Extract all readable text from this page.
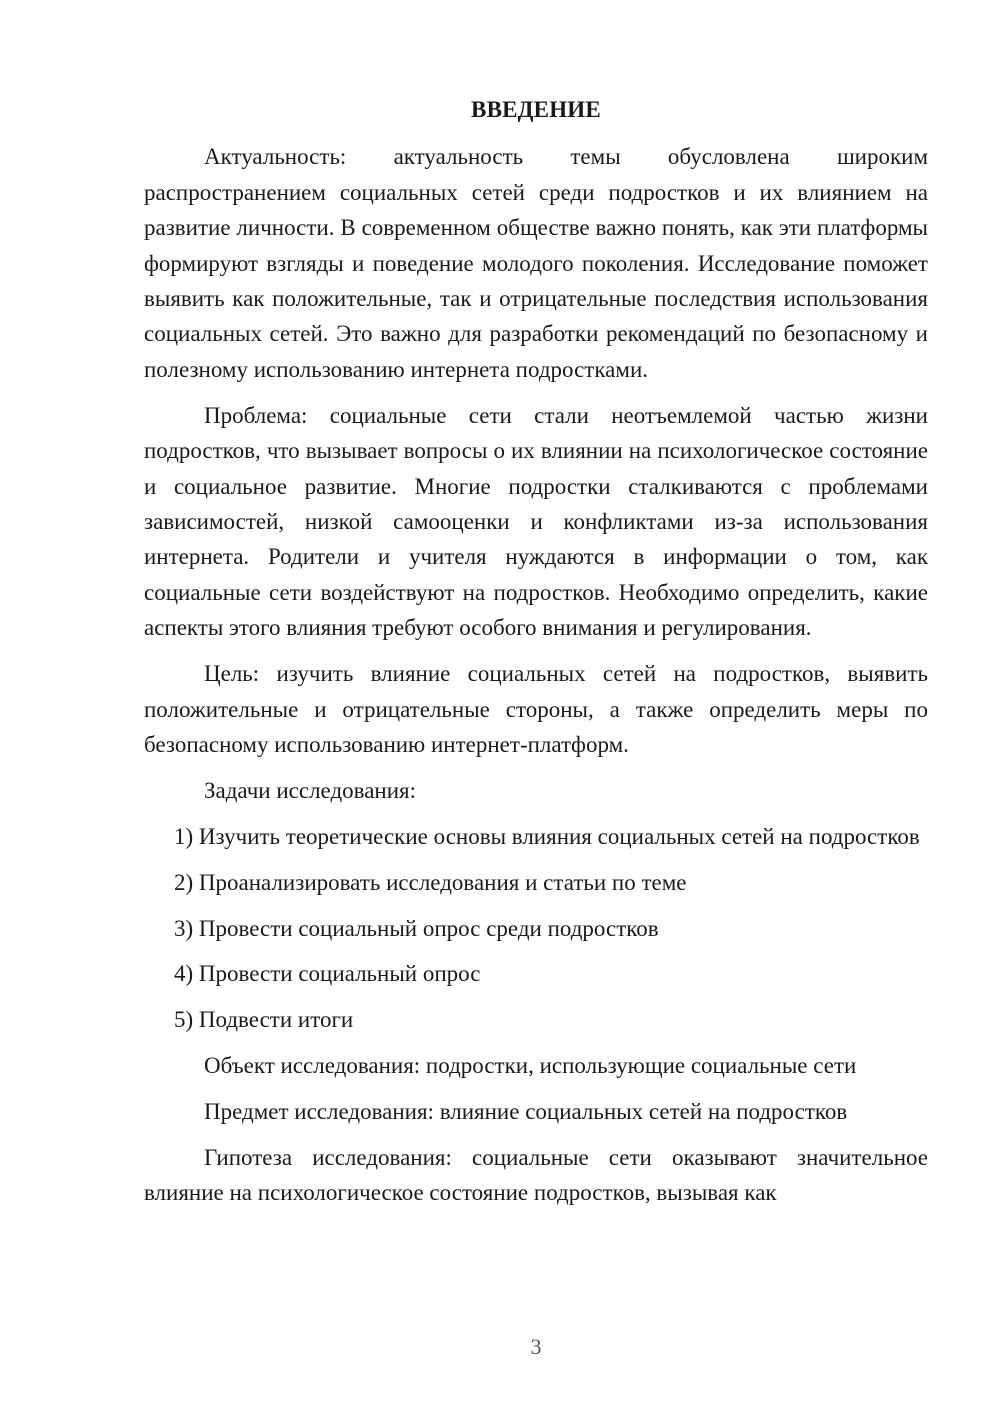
ВВЕДЕНИЕ

Актуальность: актуальность темы обусловлена широким распространением социальных сетей среди подростков и их влиянием на развитие личности. В современном обществе важно понять, как эти платформы формируют взгляды и поведение молодого поколения. Исследование поможет выявить как положительные, так и отрицательные последствия использования социальных сетей. Это важно для разработки рекомендаций по безопасному и полезному использованию интернета подростками.

Проблема: социальные сети стали неотъемлемой частью жизни подростков, что вызывает вопросы о их влиянии на психологическое состояние и социальное развитие. Многие подростки сталкиваются с проблемами зависимостей, низкой самооценки и конфликтами из-за использования интернета. Родители и учителя нуждаются в информации о том, как социальные сети воздействуют на подростков. Необходимо определить, какие аспекты этого влияния требуют особого внимания и регулирования.

Цель: изучить влияние социальных сетей на подростков, выявить положительные и отрицательные стороны, а также определить меры по безопасному использованию интернет-платформ.

Задачи исследования:

1) Изучить теоретические основы влияния социальных сетей на подростков

2) Проанализировать исследования и статьи по теме

3) Провести социальный опрос среди подростков

4) Провести социальный опрос

5) Подвести итоги

Объект исследования: подростки, использующие социальные сети

Предмет исследования: влияние социальных сетей на подростков

Гипотеза исследования: социальные сети оказывают значительное влияние на психологическое состояние подростков, вызывая как

3
